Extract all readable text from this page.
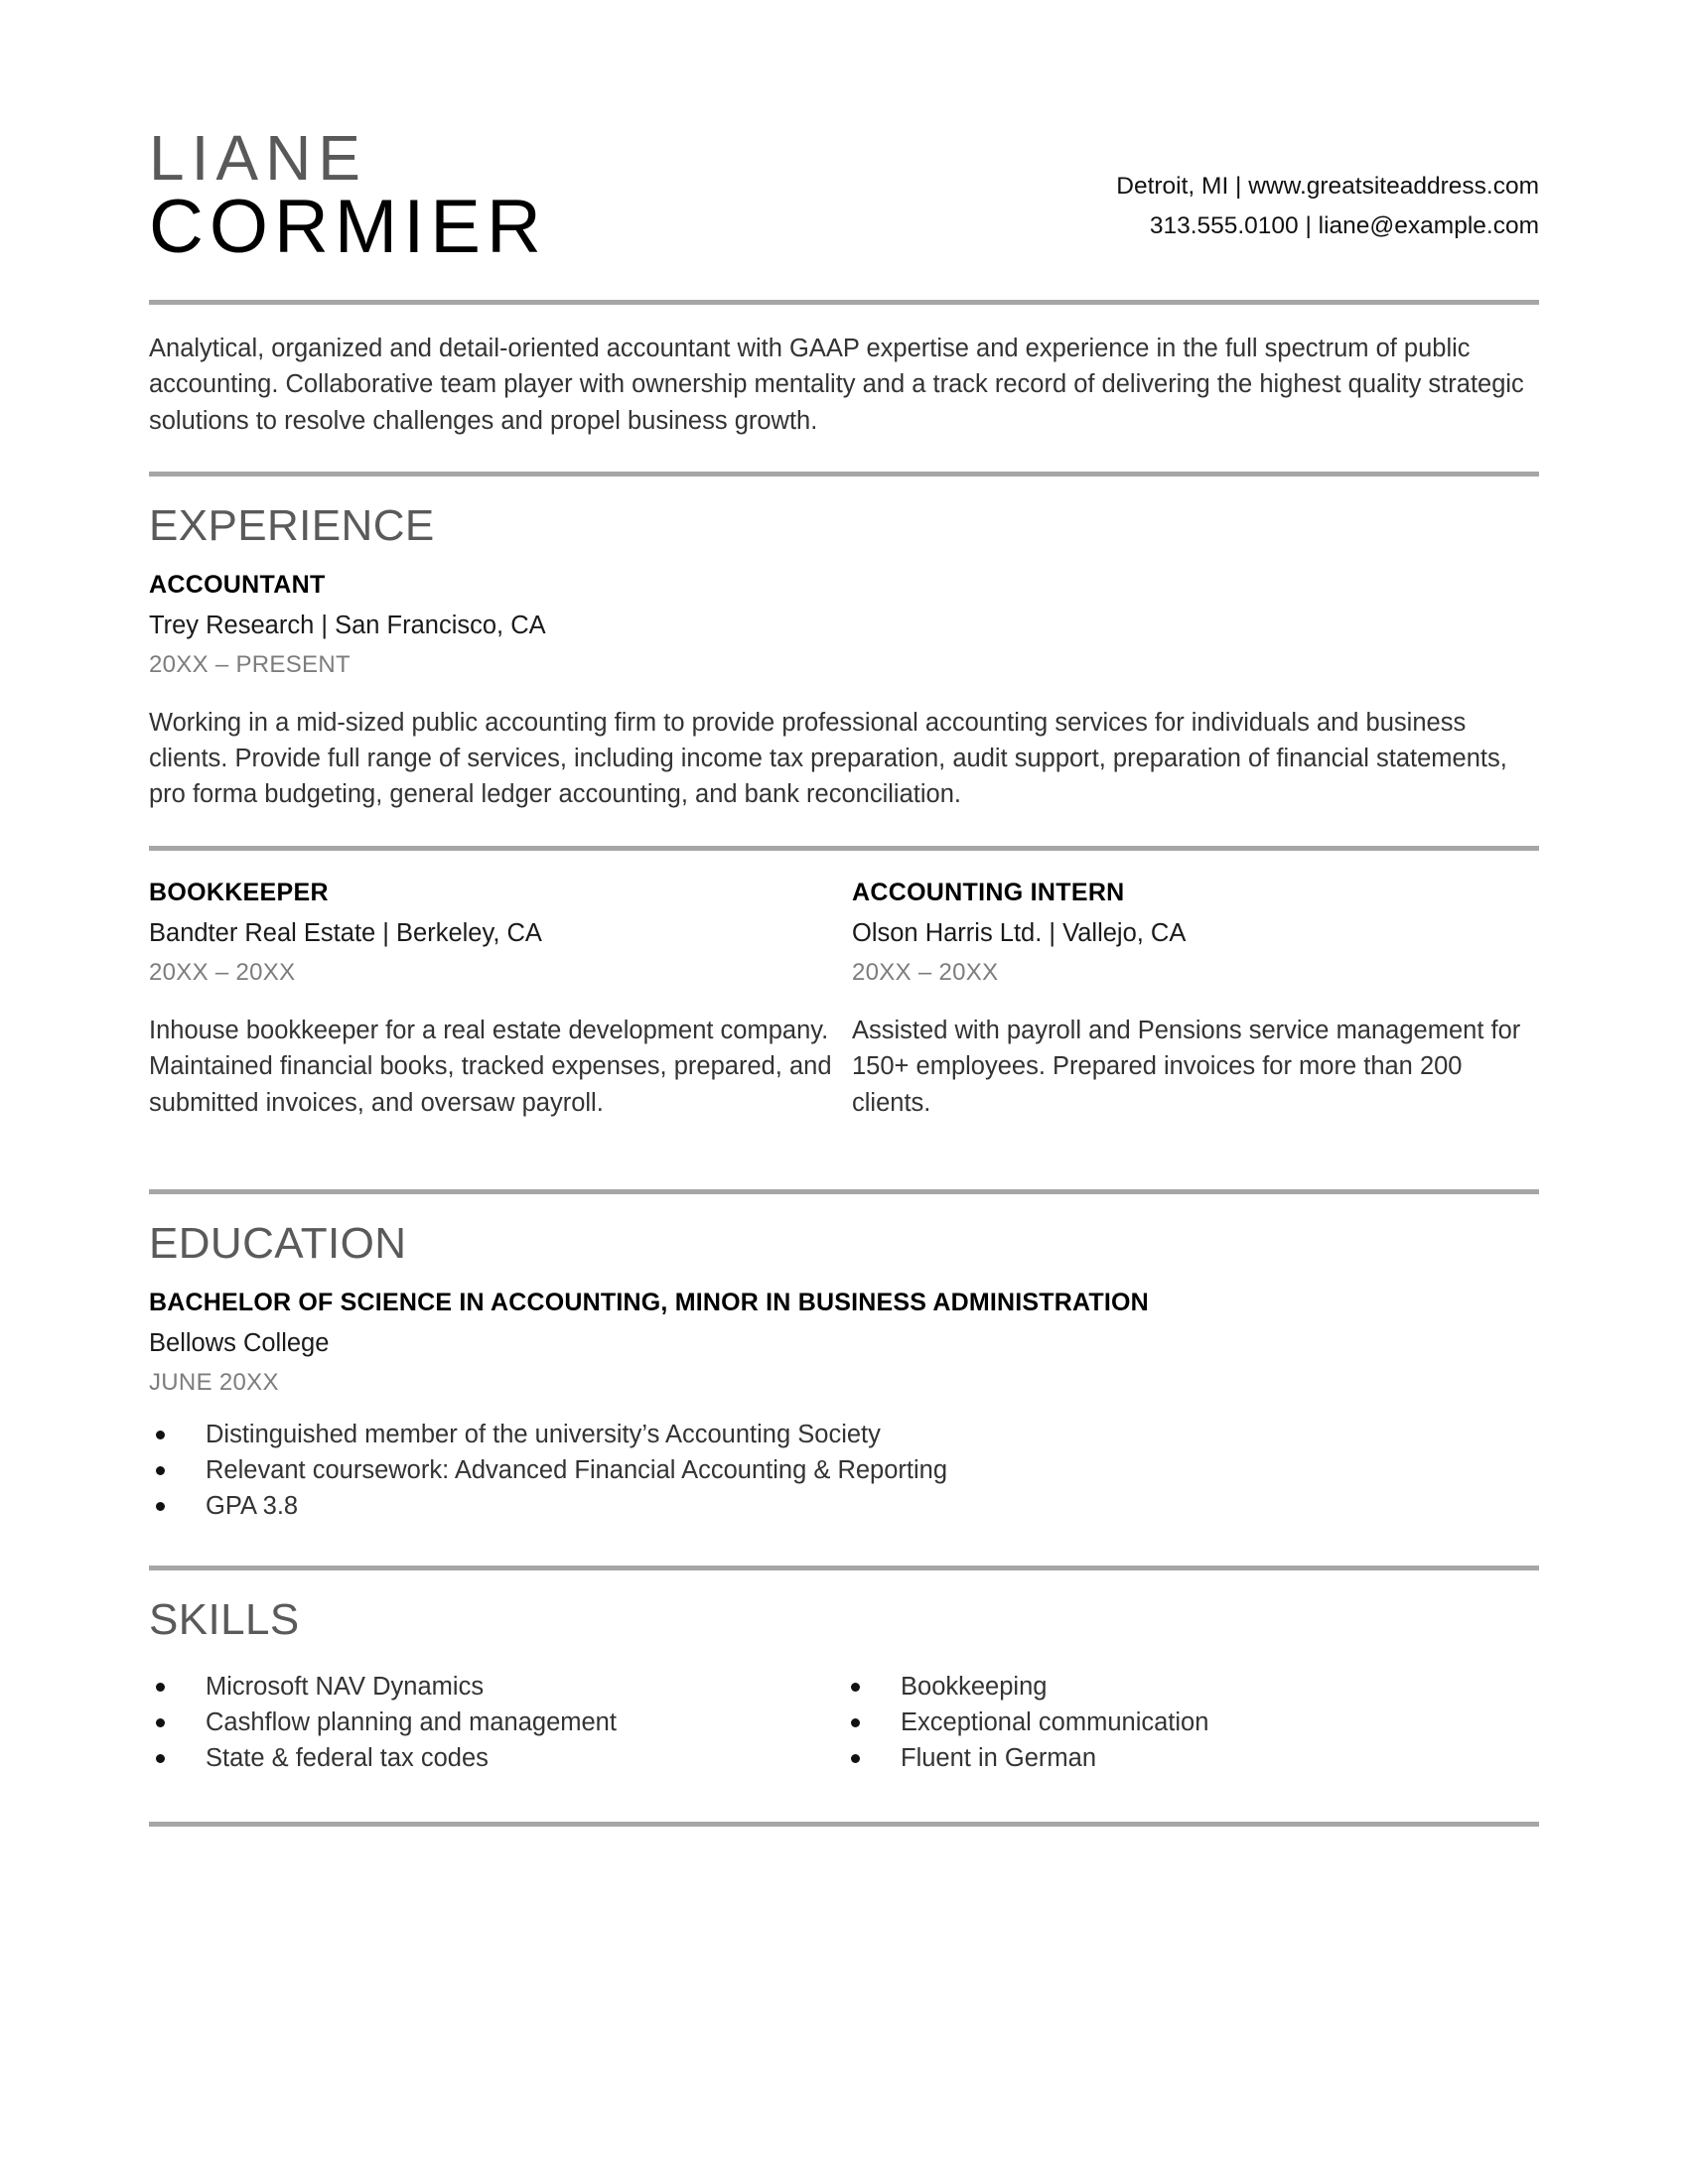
LIANE
CORMIER	Detroit, MI | www.greatsiteaddress.com
313.555.0100 | liane@example.com

Analytical, organized and detail-oriented accountant with GAAP expertise and experience in the full spectrum of public accounting. Collaborative team player with ownership mentality and a track record of delivering the highest quality strategic solutions to resolve challenges and propel business growth.

EXPERIENCE
ACCOUNTANT
Trey Research | San Francisco, CA
20XX – PRESENT

Working in a mid-sized public accounting firm to provide professional accounting services for individuals and business clients. Provide full range of services, including income tax preparation, audit support, preparation of financial statements, pro forma budgeting, general ledger accounting, and bank reconciliation.

BOOKKEEPER
Bandter Real Estate | Berkeley, CA
20XX – 20XX

Inhouse bookkeeper for a real estate development company. Maintained financial books, tracked expenses, prepared, and submitted invoices, and oversaw payroll.

ACCOUNTING INTERN
Olson Harris Ltd. | Vallejo, CA
20XX – 20XX

Assisted with payroll and Pensions service management for 150+ employees. Prepared invoices for more than 200 clients.

EDUCATION
BACHELOR OF SCIENCE IN ACCOUNTING, MINOR IN BUSINESS ADMINISTRATION
Bellows College
JUNE 20XX
Distinguished member of the university’s Accounting Society
Relevant coursework: Advanced Financial Accounting & Reporting
GPA 3.8
SKILLS
Microsoft NAV Dynamics
Cashflow planning and management
State & federal tax codes
Bookkeeping
Exceptional communication
Fluent in German
